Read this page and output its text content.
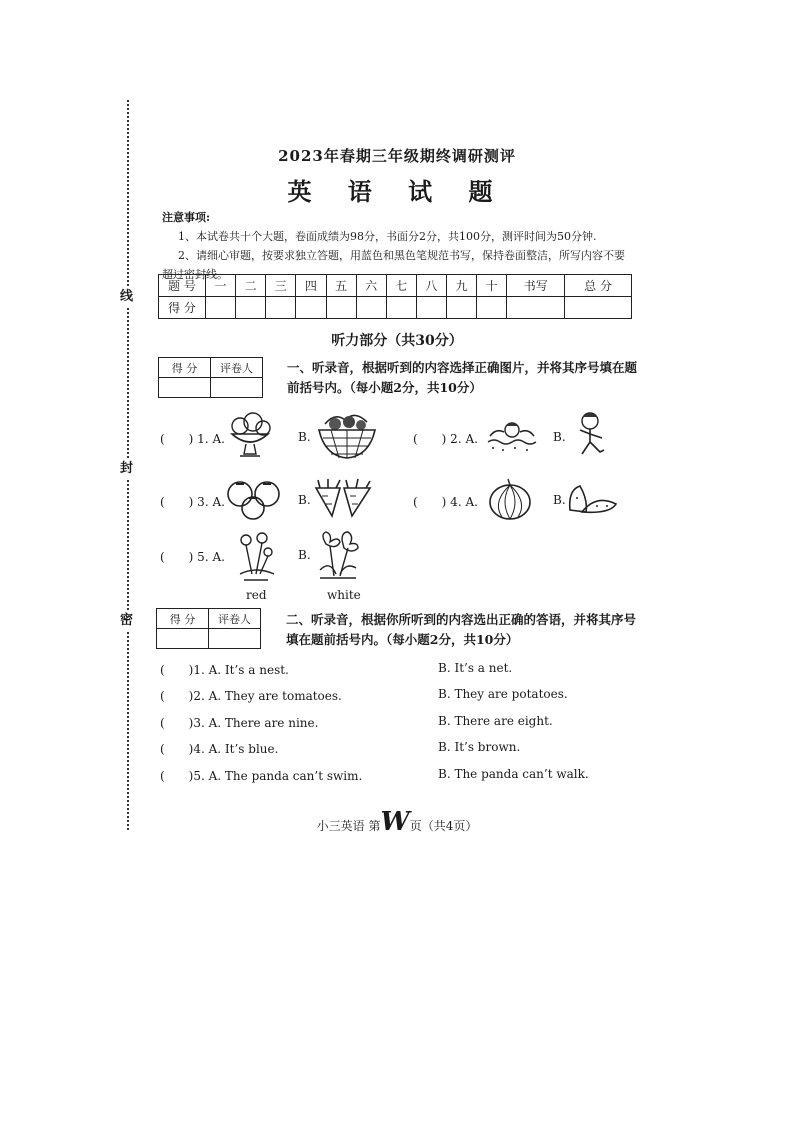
线
封
密
2023年春期三年级期终调研测评
英 语 试 题
注意事项:
1、本试卷共十个大题，卷面成绩为98分，书面分2分，共100分，测评时间为50分钟.
2、请细心审题，按要求独立答题，用蓝色和黑色笔规范书写，保持卷面整洁，所写内容不要超过密封线。
题 号	一	二	三	四	五	六	七	八	九	十	书写	总 分
得 分												
听力部分（共30分）
得 分	评卷人
		一、听录音，根据听到的内容选择正确图片，并将其序号填在题前括号内。（每小题2分，共10分）
(　　) 1. A.	B.	(　　) 2. A.	B.
(　　) 3. A.	B.	(　　) 4. A.	B.
(　　) 5. A.	B.
red	white
得 分	评卷人
		二、听录音，根据你所听到的内容选出正确的答语，并将其序号填在题前括号内。（每小题2分，共10分）
(　　)1. A. It’s a nest.	B. It’s a net.
(　　)2. A. They are tomatoes.	B. They are potatoes.
(　　)3. A. There are nine.	B. There are eight.
(　　)4. A. It’s blue.	B. It’s brown.
(　　)5. A. The panda can’t swim.	B. The panda can’t walk.
小三英语 第W页（共4页）
